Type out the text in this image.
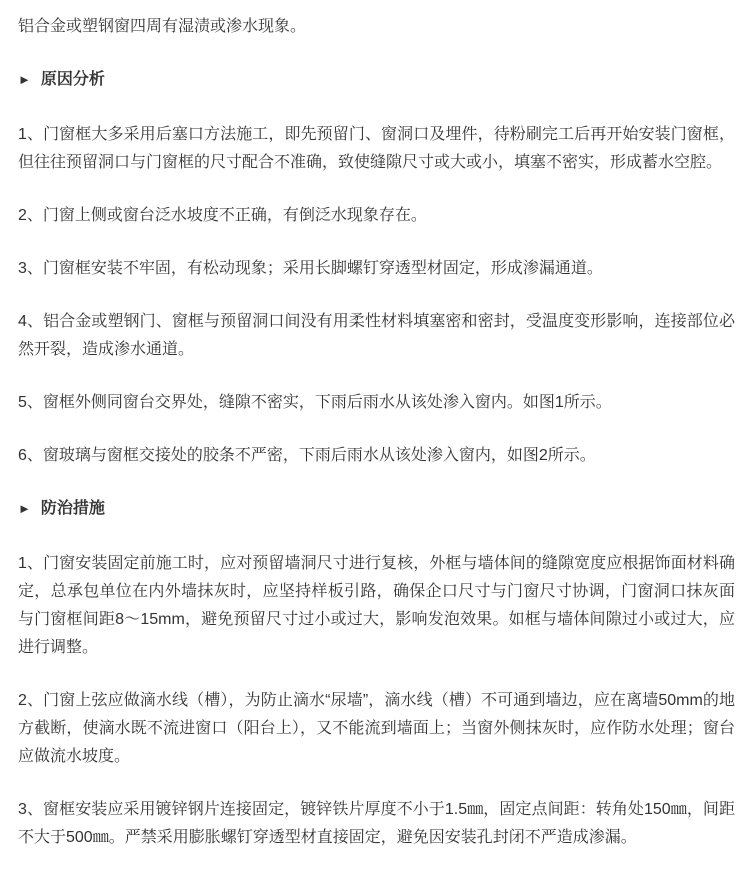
铝合金或塑钢窗四周有湿渍或渗水现象。

► 原因分析

1、门窗框大多采用后塞口方法施工，即先预留门、窗洞口及埋件，待粉刷完工后再开始安装门窗框，但往往预留洞口与门窗框的尺寸配合不准确，致使缝隙尺寸或大或小，填塞不密实，形成蓄水空腔。

2、门窗上侧或窗台泛水坡度不正确，有倒泛水现象存在。

3、门窗框安装不牢固，有松动现象；采用长脚螺钉穿透型材固定，形成渗漏通道。

4、铝合金或塑钢门、窗框与预留洞口间没有用柔性材料填塞密和密封，受温度变形影响，连接部位必然开裂，造成渗水通道。

5、窗框外侧同窗台交界处，缝隙不密实，下雨后雨水从该处渗入窗内。如图1所示。

6、窗玻璃与窗框交接处的胶条不严密，下雨后雨水从该处渗入窗内，如图2所示。

► 防治措施

1、门窗安装固定前施工时，应对预留墙洞尺寸进行复核，外框与墙体间的缝隙宽度应根据饰面材料确定，总承包单位在内外墙抹灰时，应坚持样板引路，确保企口尺寸与门窗尺寸协调，门窗洞口抹灰面与门窗框间距8～15mm，避免预留尺寸过小或过大，影响发泡效果。如框与墙体间隙过小或过大，应进行调整。

2、门窗上弦应做滴水线（槽），为防止滴水“尿墙”，滴水线（槽）不可通到墙边，应在离墙50mm的地方截断，使滴水既不流进窗口（阳台上），又不能流到墙面上；当窗外侧抹灰时，应作防水处理；窗台应做流水坡度。

3、窗框安装应采用镀锌钢片连接固定，镀锌铁片厚度不小于1.5㎜，固定点间距：转角处150㎜，间距不大于500㎜。严禁采用膨胀螺钉穿透型材直接固定，避免因安装孔封闭不严造成渗漏。
